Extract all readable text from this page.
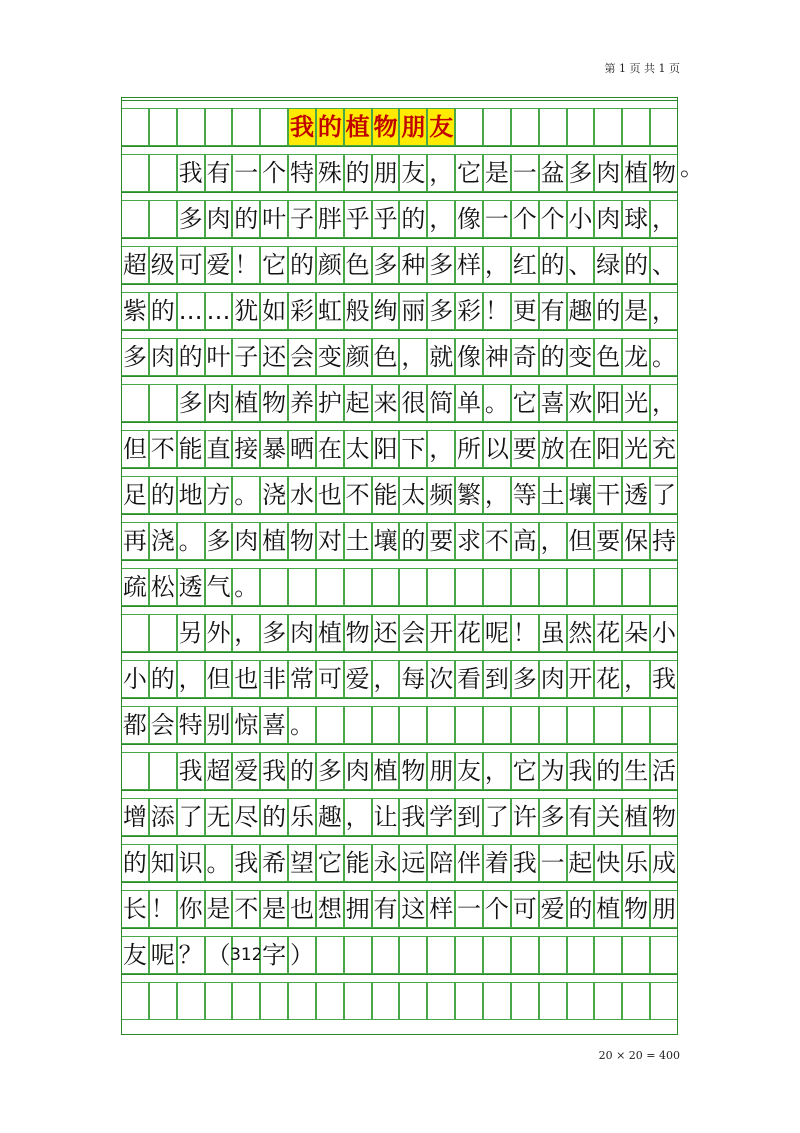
第 1 页 共 1 页
我 的 植 物 朋 友
我 有 一 个 特 殊 的 朋 友 ， 它 是 一 盆 多 肉 植 物
多 肉 的 叶 子 胖 乎 乎 的 ， 像 一 个 个 小 肉 球 ，
超 级 可 爱 ！ 它 的 颜 色 多 种 多 样 ， 红 的 、 绿 的 、
紫 的 … … 犹 如 彩 虹 般 绚 丽 多 彩 ！ 更 有 趣 的 是 ，
多 肉 的 叶 子 还 会 变 颜 色 ， 就 像 神 奇 的 变 色 龙 。
多 肉 植 物 养 护 起 来 很 简 单 。 它 喜 欢 阳 光 ，
但 不 能 直 接 暴 晒 在 太 阳 下 ， 所 以 要 放 在 阳 光 充
足 的 地 方 。 浇 水 也 不 能 太 频 繁 ， 等 土 壤 干 透 了
再 浇 。 多 肉 植 物 对 土 壤 的 要 求 不 高 ， 但 要 保 持
疏 松 透 气 。
另 外 ， 多 肉 植 物 还 会 开 花 呢 ！ 虽 然 花 朵 小
小 的 ， 但 也 非 常 可 爱 ， 每 次 看 到 多 肉 开 花 ， 我
都 会 特 别 惊 喜 。
我 超 爱 我 的 多 肉 植 物 朋 友 ， 它 为 我 的 生 活
增 添 了 无 尽 的 乐 趣 ， 让 我 学 到 了 许 多 有 关 植 物
的 知 识 。 我 希 望 它 能 永 远 陪 伴 着 我 一 起 快 乐 成
长 ！ 你 是 不 是 也 想 拥 有 这 样 一 个 可 爱 的 植 物 朋
友 呢 ？ （ 312 字 ）
。
20 × 20 = 400
